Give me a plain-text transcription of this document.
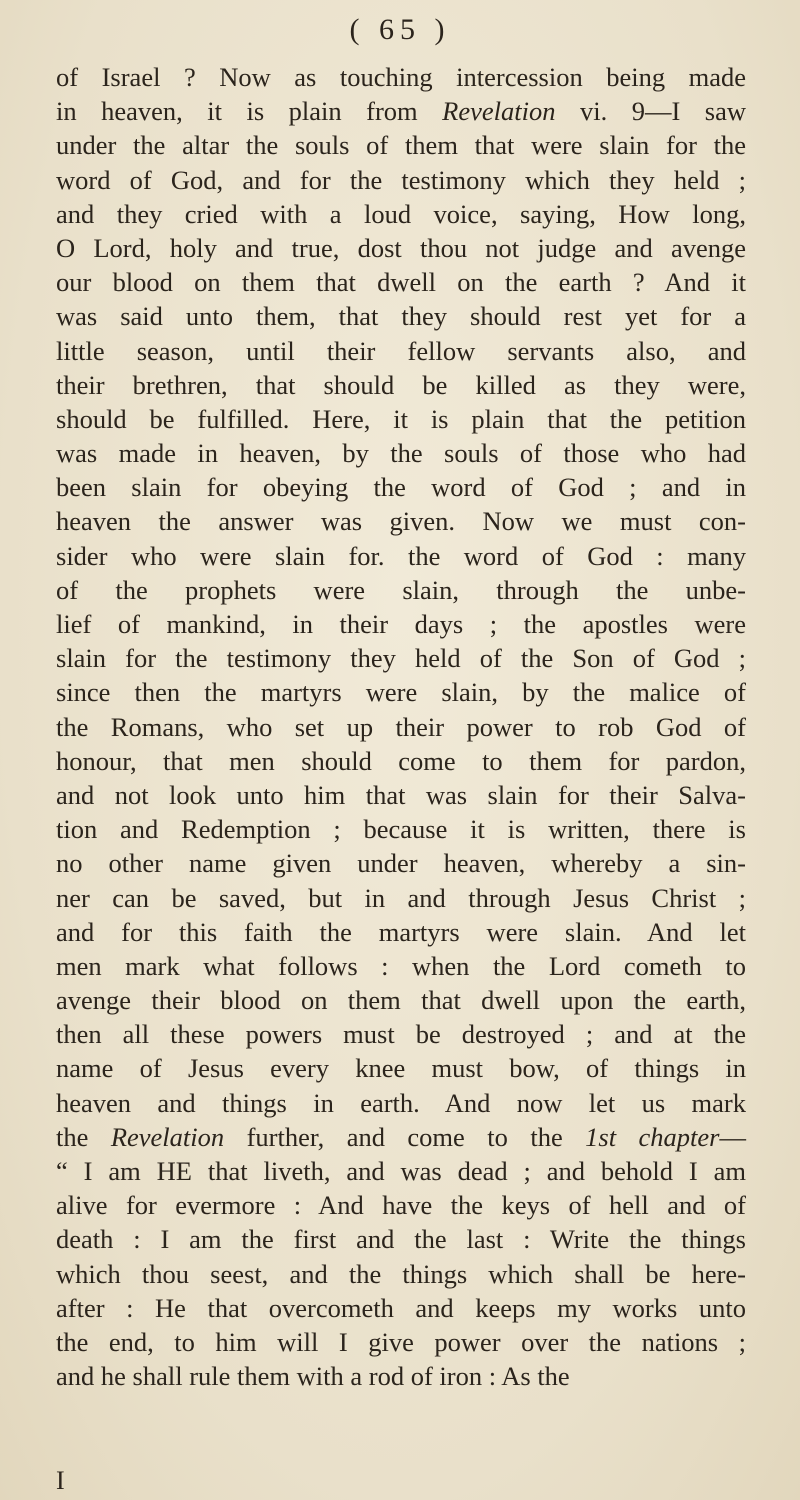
( 65 )
of Israel ? Now as touching intercession being made
in heaven, it is plain from Revelation vi. 9—I saw
under the altar the souls of them that were slain for the
word of God, and for the testimony which they held ;
and they cried with a loud voice, saying, How long,
O Lord, holy and true, dost thou not judge and avenge
our blood on them that dwell on the earth ? And it
was said unto them, that they should rest yet for a
little season, until their fellow servants also, and
their brethren, that should be killed as they were,
should be fulfilled. Here, it is plain that the petition
was made in heaven, by the souls of those who had
been slain for obeying the word of God ; and in
heaven the answer was given. Now we must con-
sider who were slain for. the word of God : many
of the prophets were slain, through the unbe-
lief of mankind, in their days ; the apostles were
slain for the testimony they held of the Son of God ;
since then the martyrs were slain, by the malice of
the Romans, who set up their power to rob God of
honour, that men should come to them for pardon,
and not look unto him that was slain for their Salva-
tion and Redemption ; because it is written, there is
no other name given under heaven, whereby a sin-
ner can be saved, but in and through Jesus Christ ;
and for this faith the martyrs were slain. And let
men mark what follows : when the Lord cometh to
avenge their blood on them that dwell upon the earth,
then all these powers must be destroyed ; and at the
name of Jesus every knee must bow, of things in
heaven and things in earth. And now let us mark
the Revelation further, and come to the 1st chapter—
“ I am HE that liveth, and was dead ; and behold I am
alive for evermore : And have the keys of hell and of
death : I am the first and the last : Write the things
which thou seest, and the things which shall be here-
after : He that overcometh and keeps my works unto
the end, to him will I give power over the nations ;
and he shall rule them with a rod of iron : As the
I
